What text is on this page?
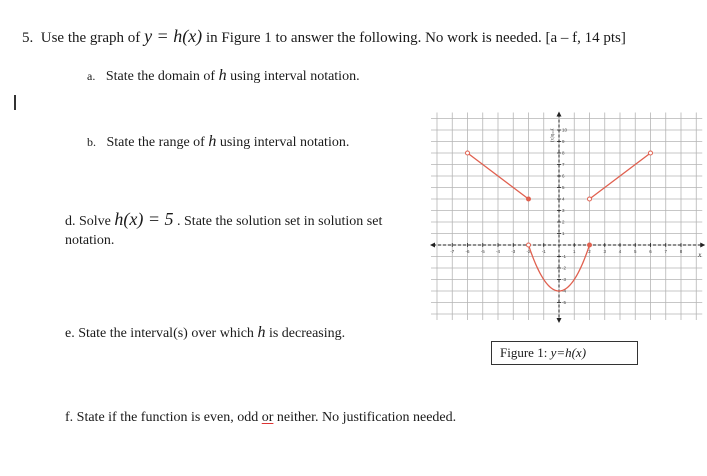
5. Use the graph of y = h(x) in Figure 1 to answer the following. No work is needed. [a – f, 14 pts]
a. State the domain of h using interval notation.
b. State the range of h using interval notation.
d. Solve h(x) = 5 . State the solution set in solution set
notation.
e. State the interval(s) over which h is decreasing.
f. State if the function is even, odd or neither. No justification needed.
-7 -6 -5 -4 -3 -2 -1	1	2	3	4	5	6	7	8
-5
-4
-3
-2
-1
1
2
3
4
5
6
7
8
9
10
y=h(x)
x
Figure 1: y=h(x)
